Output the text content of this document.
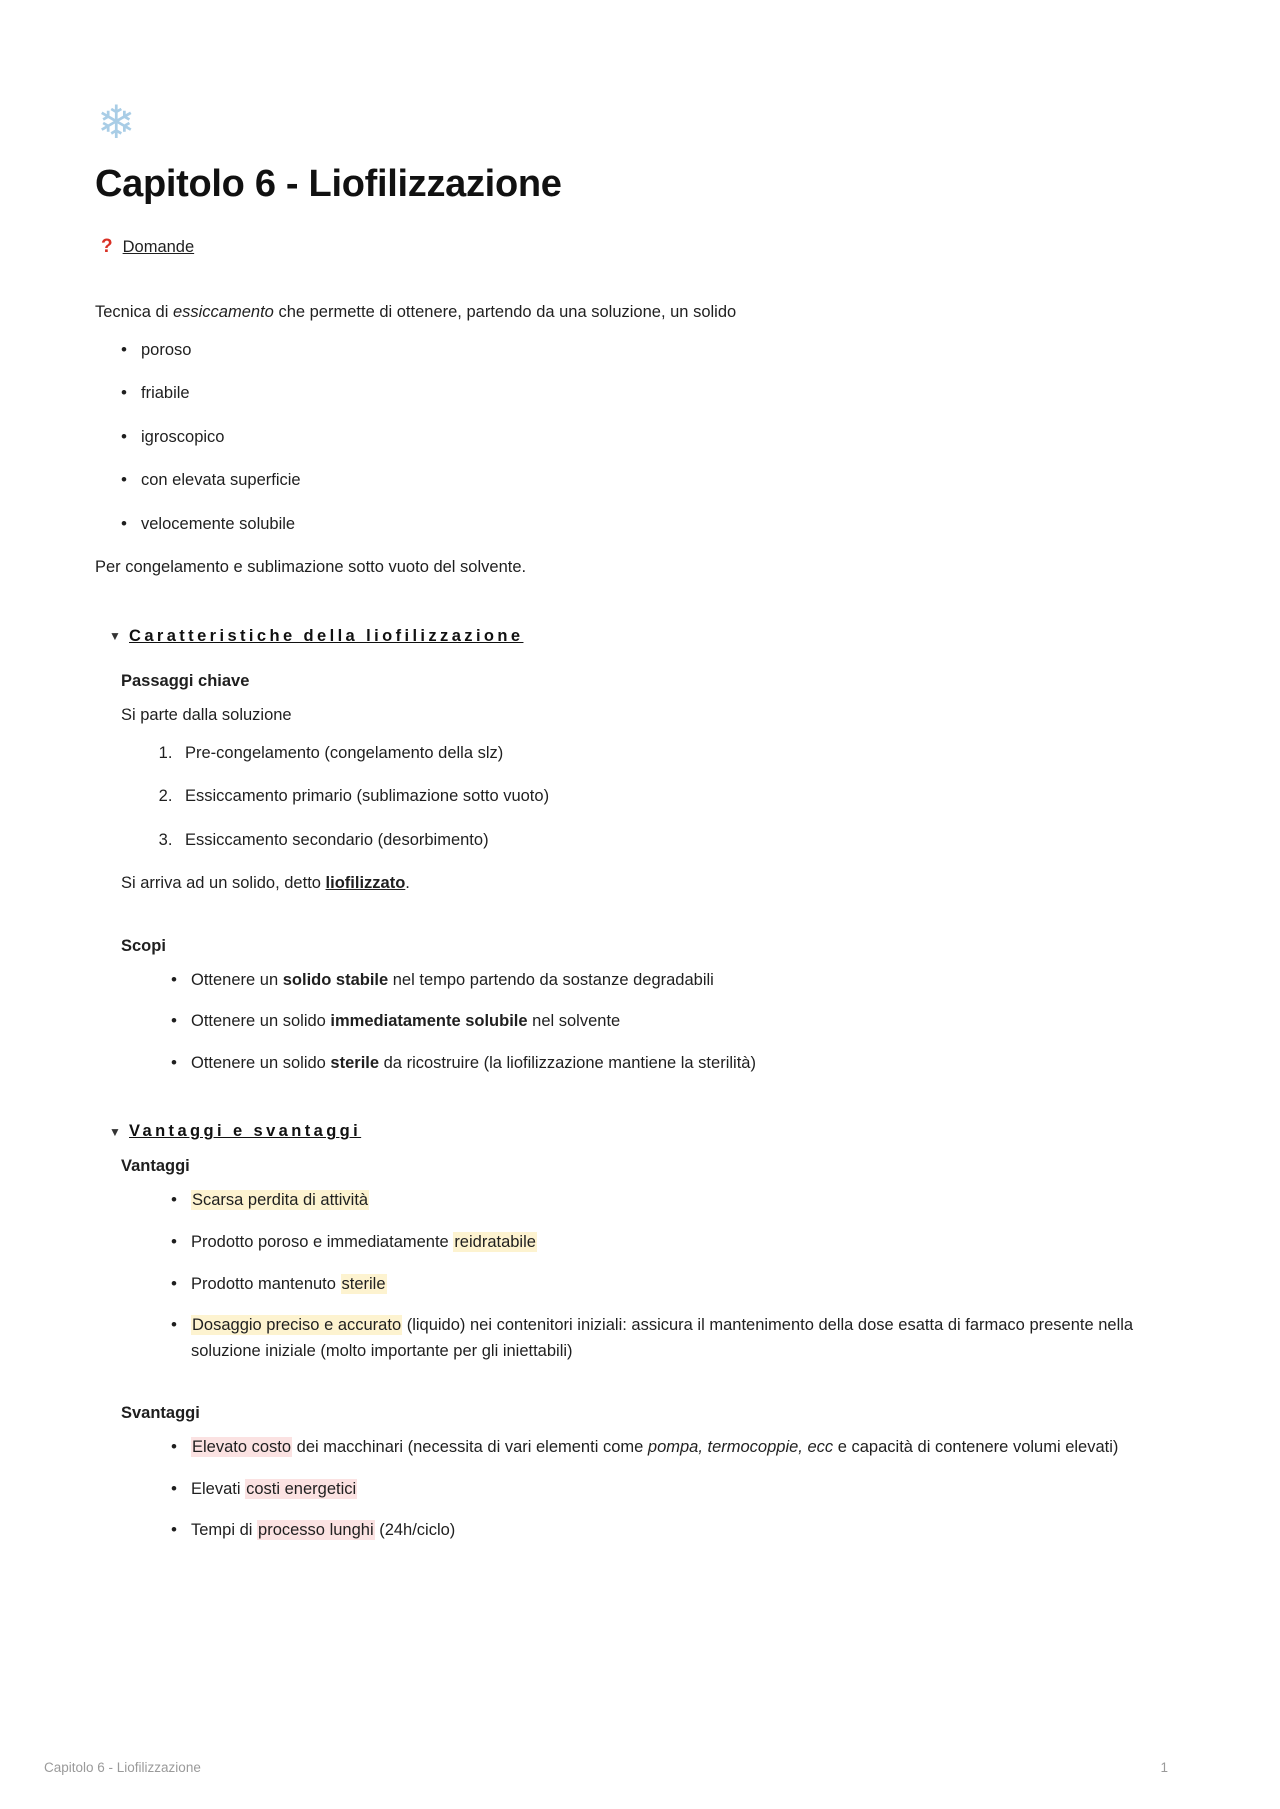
❄
Capitolo 6 - Liofilizzazione
? Domande

Tecnica di essiccamento che permette di ottenere, partendo da una soluzione, un solido

• poroso
• friabile
• igroscopico
• con elevata superficie
• velocemente solubile

Per congelamento e sublimazione sotto vuoto del solvente.

▼ Caratteristiche della liofilizzazione
Passaggi chiave

Si parte dalla soluzione

1. Pre-congelamento (congelamento della slz)
2. Essiccamento primario (sublimazione sotto vuoto)
3. Essiccamento secondario (desorbimento)

Si arriva ad un solido, detto liofilizzato.

Scopi
• Ottenere un solido stabile nel tempo partendo da sostanze degradabili
• Ottenere un solido immediatamente solubile nel solvente
• Ottenere un solido sterile da ricostruire (la liofilizzazione mantiene la sterilità)
▼ Vantaggi e svantaggi
Vantaggi
• Scarsa perdita di attività
• Prodotto poroso e immediatamente reidratabile
• Prodotto mantenuto sterile
• Dosaggio preciso e accurato (liquido) nei contenitori iniziali: assicura il mantenimento della dose esatta di farmaco presente nella soluzione iniziale (molto importante per gli iniettabili)
Svantaggi
• Elevato costo dei macchinari (necessita di vari elementi come pompa, termocoppie, ecc e capacità di contenere volumi elevati)
• Elevati costi energetici
• Tempi di processo lunghi (24h/ciclo)
Capitolo 6 - Liofilizzazione	1
